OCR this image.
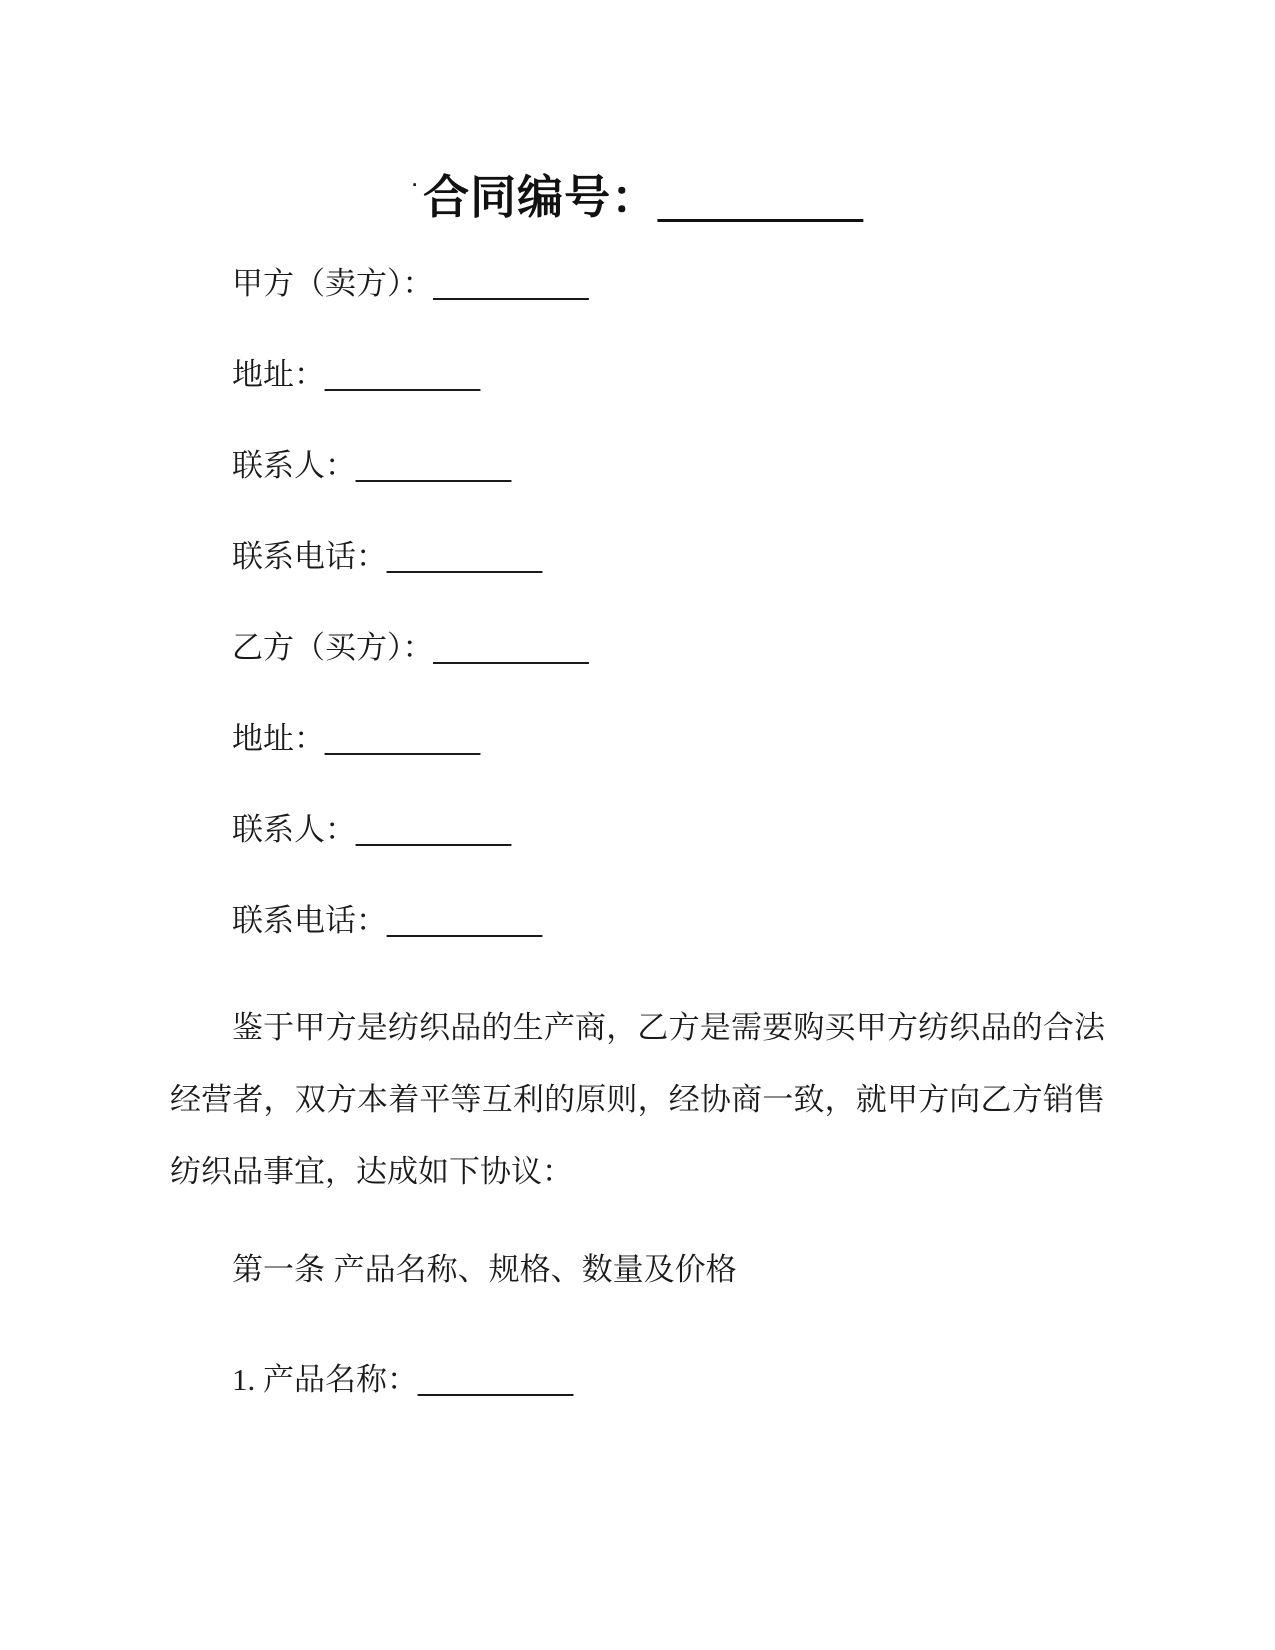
·合同编号：________

甲方（卖方）：_________

地址：_________

联系人：_________

联系电话：_________

乙方（买方）：_________

地址：_________

联系人：_________

联系电话：_________

鉴于甲方是纺织品的生产商，乙方是需要购买甲方纺织品的合法经营者，双方本着平等互利的原则，经协商一致，就甲方向乙方销售纺织品事宜，达成如下协议：

第一条 产品名称、规格、数量及价格

1. 产品名称：_________
